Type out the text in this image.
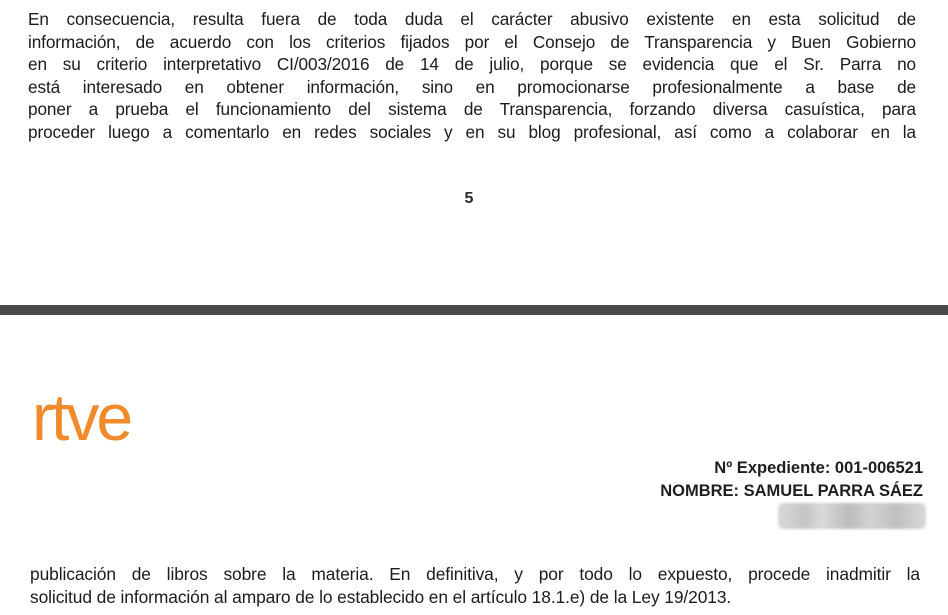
En consecuencia, resulta fuera de toda duda el carácter abusivo existente en esta solicitud de
información, de acuerdo con los criterios fijados por el Consejo de Transparencia y Buen Gobierno
en su criterio interpretativo CI/003/2016 de 14 de julio, porque se evidencia que el Sr. Parra no
está interesado en obtener información, sino en promocionarse profesionalmente a base de
poner a prueba el funcionamiento del sistema de Transparencia, forzando diversa casuística, para
proceder luego a comentarlo en redes sociales y en su blog profesional, así como a colaborar en la

5
rtve
Nº Expediente: 001-006521
NOMBRE: SAMUEL PARRA SÁEZ

publicación de libros sobre la materia. En definitiva, y por todo lo expuesto, procede inadmitir la
solicitud de información al amparo de lo establecido en el artículo 18.1.e) de la Ley 19/2013.
